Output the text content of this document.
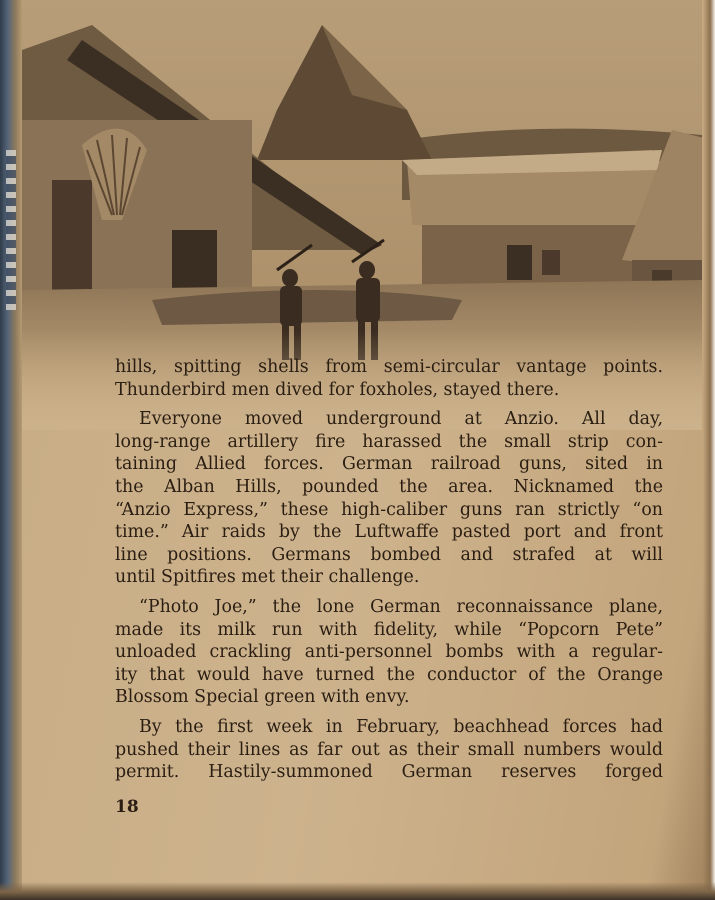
hills, spitting shells from semi-circular vantage points.
Thunderbird men dived for foxholes, stayed there.

Everyone moved underground at Anzio. All day,
long-range artillery fire harassed the small strip con-
taining Allied forces. German railroad guns, sited in
the Alban Hills, pounded the area. Nicknamed the
“Anzio Express,” these high-caliber guns ran strictly “on
time.” Air raids by the Luftwaffe pasted port and front
line positions. Germans bombed and strafed at will
until Spitfires met their challenge.

“Photo Joe,” the lone German reconnaissance plane,
made its milk run with fidelity, while “Popcorn Pete”
unloaded crackling anti-personnel bombs with a regular-
ity that would have turned the conductor of the Orange
Blossom Special green with envy.

By the first week in February, beachhead forces had
pushed their lines as far out as their small numbers would
permit. Hastily-summoned German reserves forged

18
